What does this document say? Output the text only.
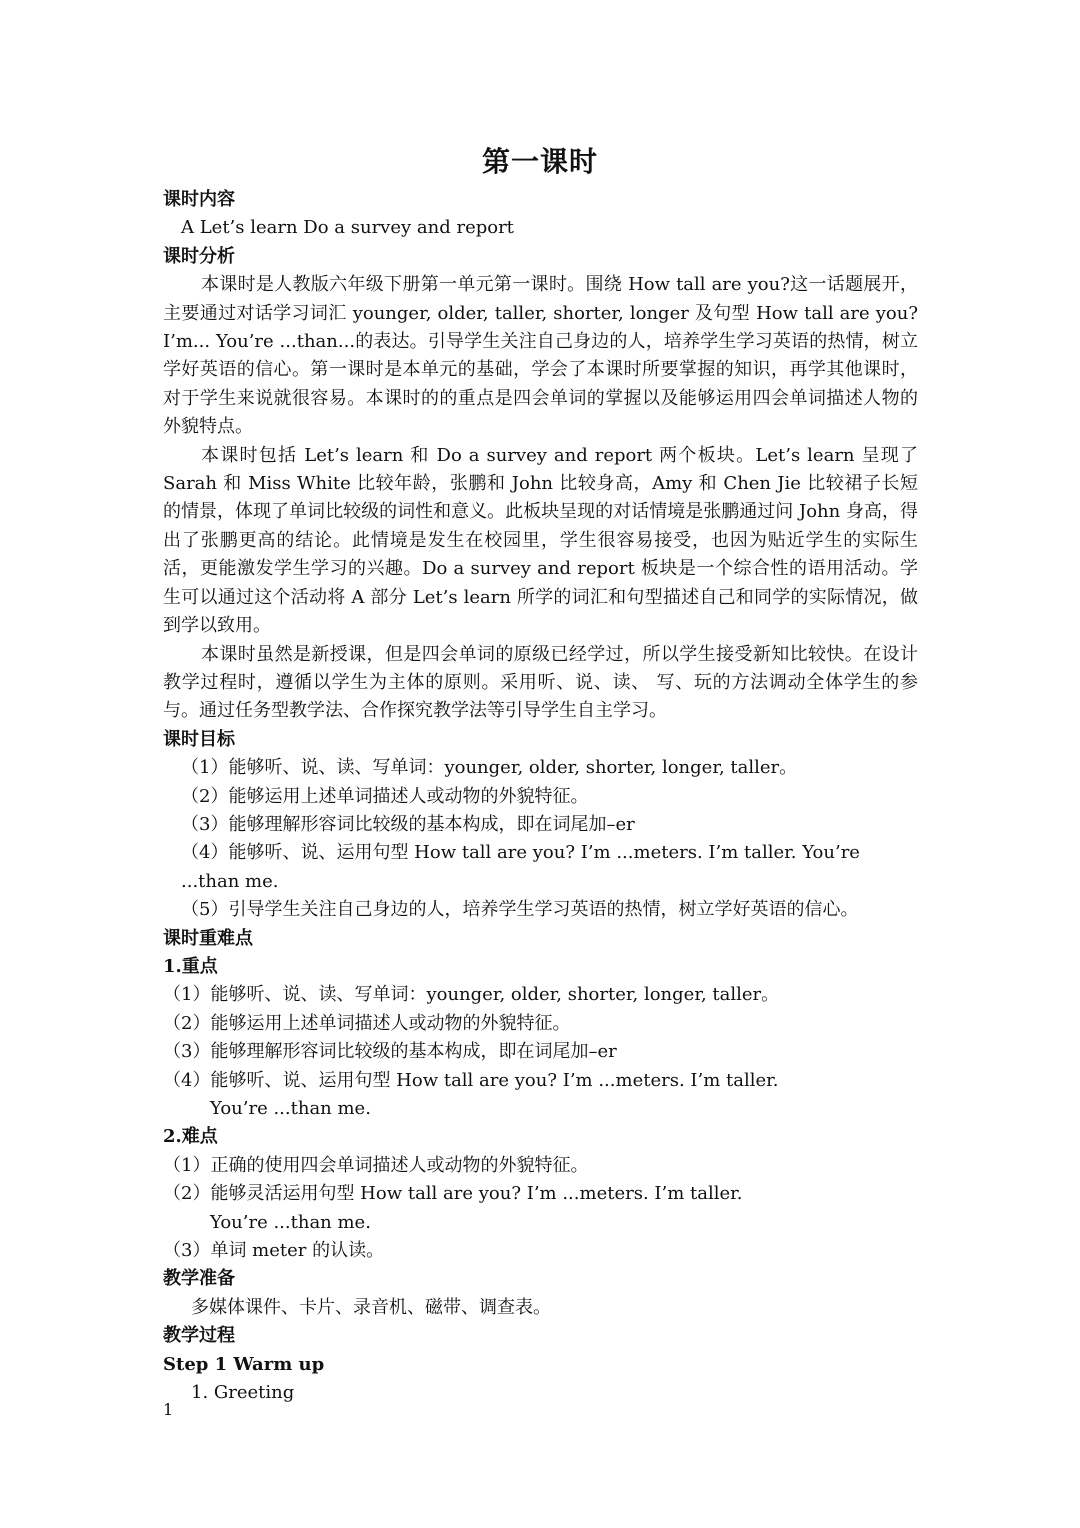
第一课时

课时内容

A Let’s learn Do a survey and report

课时分析

本课时是人教版六年级下册第一单元第一课时。围绕 How tall are you?这一话题展开，主要通过对话学习词汇 younger, older, taller, shorter, longer 及句型 How tall are you? I’m... You’re ...than...的表达。引导学生关注自己身边的人，培养学生学习英语的热情，树立学好英语的信心。第一课时是本单元的基础，学会了本课时所要掌握的知识，再学其他课时，对于学生来说就很容易。本课时的的重点是四会单词的掌握以及能够运用四会单词描述人物的外貌特点。

本课时包括 Let’s learn 和 Do a survey and report 两个板块。Let’s learn 呈现了 Sarah 和 Miss White 比较年龄，张鹏和 John 比较身高，Amy 和 Chen Jie 比较裙子长短的情景，体现了单词比较级的词性和意义。此板块呈现的对话情境是张鹏通过问 John 身高，得出了张鹏更高的结论。此情境是发生在校园里，学生很容易接受，也因为贴近学生的实际生活，更能激发学生学习的兴趣。Do a survey and report 板块是一个综合性的语用活动。学生可以通过这个活动将 A 部分 Let’s learn 所学的词汇和句型描述自己和同学的实际情况，做到学以致用。

本课时虽然是新授课，但是四会单词的原级已经学过，所以学生接受新知比较快。在设计教学过程时，遵循以学生为主体的原则。采用听、说、读、 写、玩的方法调动全体学生的参与。通过任务型教学法、合作探究教学法等引导学生自主学习。

课时目标

（1）能够听、说、读、写单词：younger, older, shorter, longer, taller。

（2）能够运用上述单词描述人或动物的外貌特征。

（3）能够理解形容词比较级的基本构成，即在词尾加–er

（4）能够听、说、运用句型 How tall are you? I’m ...meters. I’m taller. You’re ...than me.

（5）引导学生关注自己身边的人，培养学生学习英语的热情，树立学好英语的信心。

课时重难点

1.重点

（1）能够听、说、读、写单词：younger, older, shorter, longer, taller。

（2）能够运用上述单词描述人或动物的外貌特征。

（3）能够理解形容词比较级的基本构成，即在词尾加–er

（4）能够听、说、运用句型 How tall are you? I’m ...meters. I’m taller.

You’re ...than me.

2.难点

（1）正确的使用四会单词描述人或动物的外貌特征。

（2）能够灵活运用句型 How tall are you? I’m ...meters. I’m taller.

You’re ...than me.

（3）单词 meter 的认读。

教学准备

多媒体课件、卡片、录音机、磁带、调查表。

教学过程

Step 1 Warm up

1. Greeting

1
